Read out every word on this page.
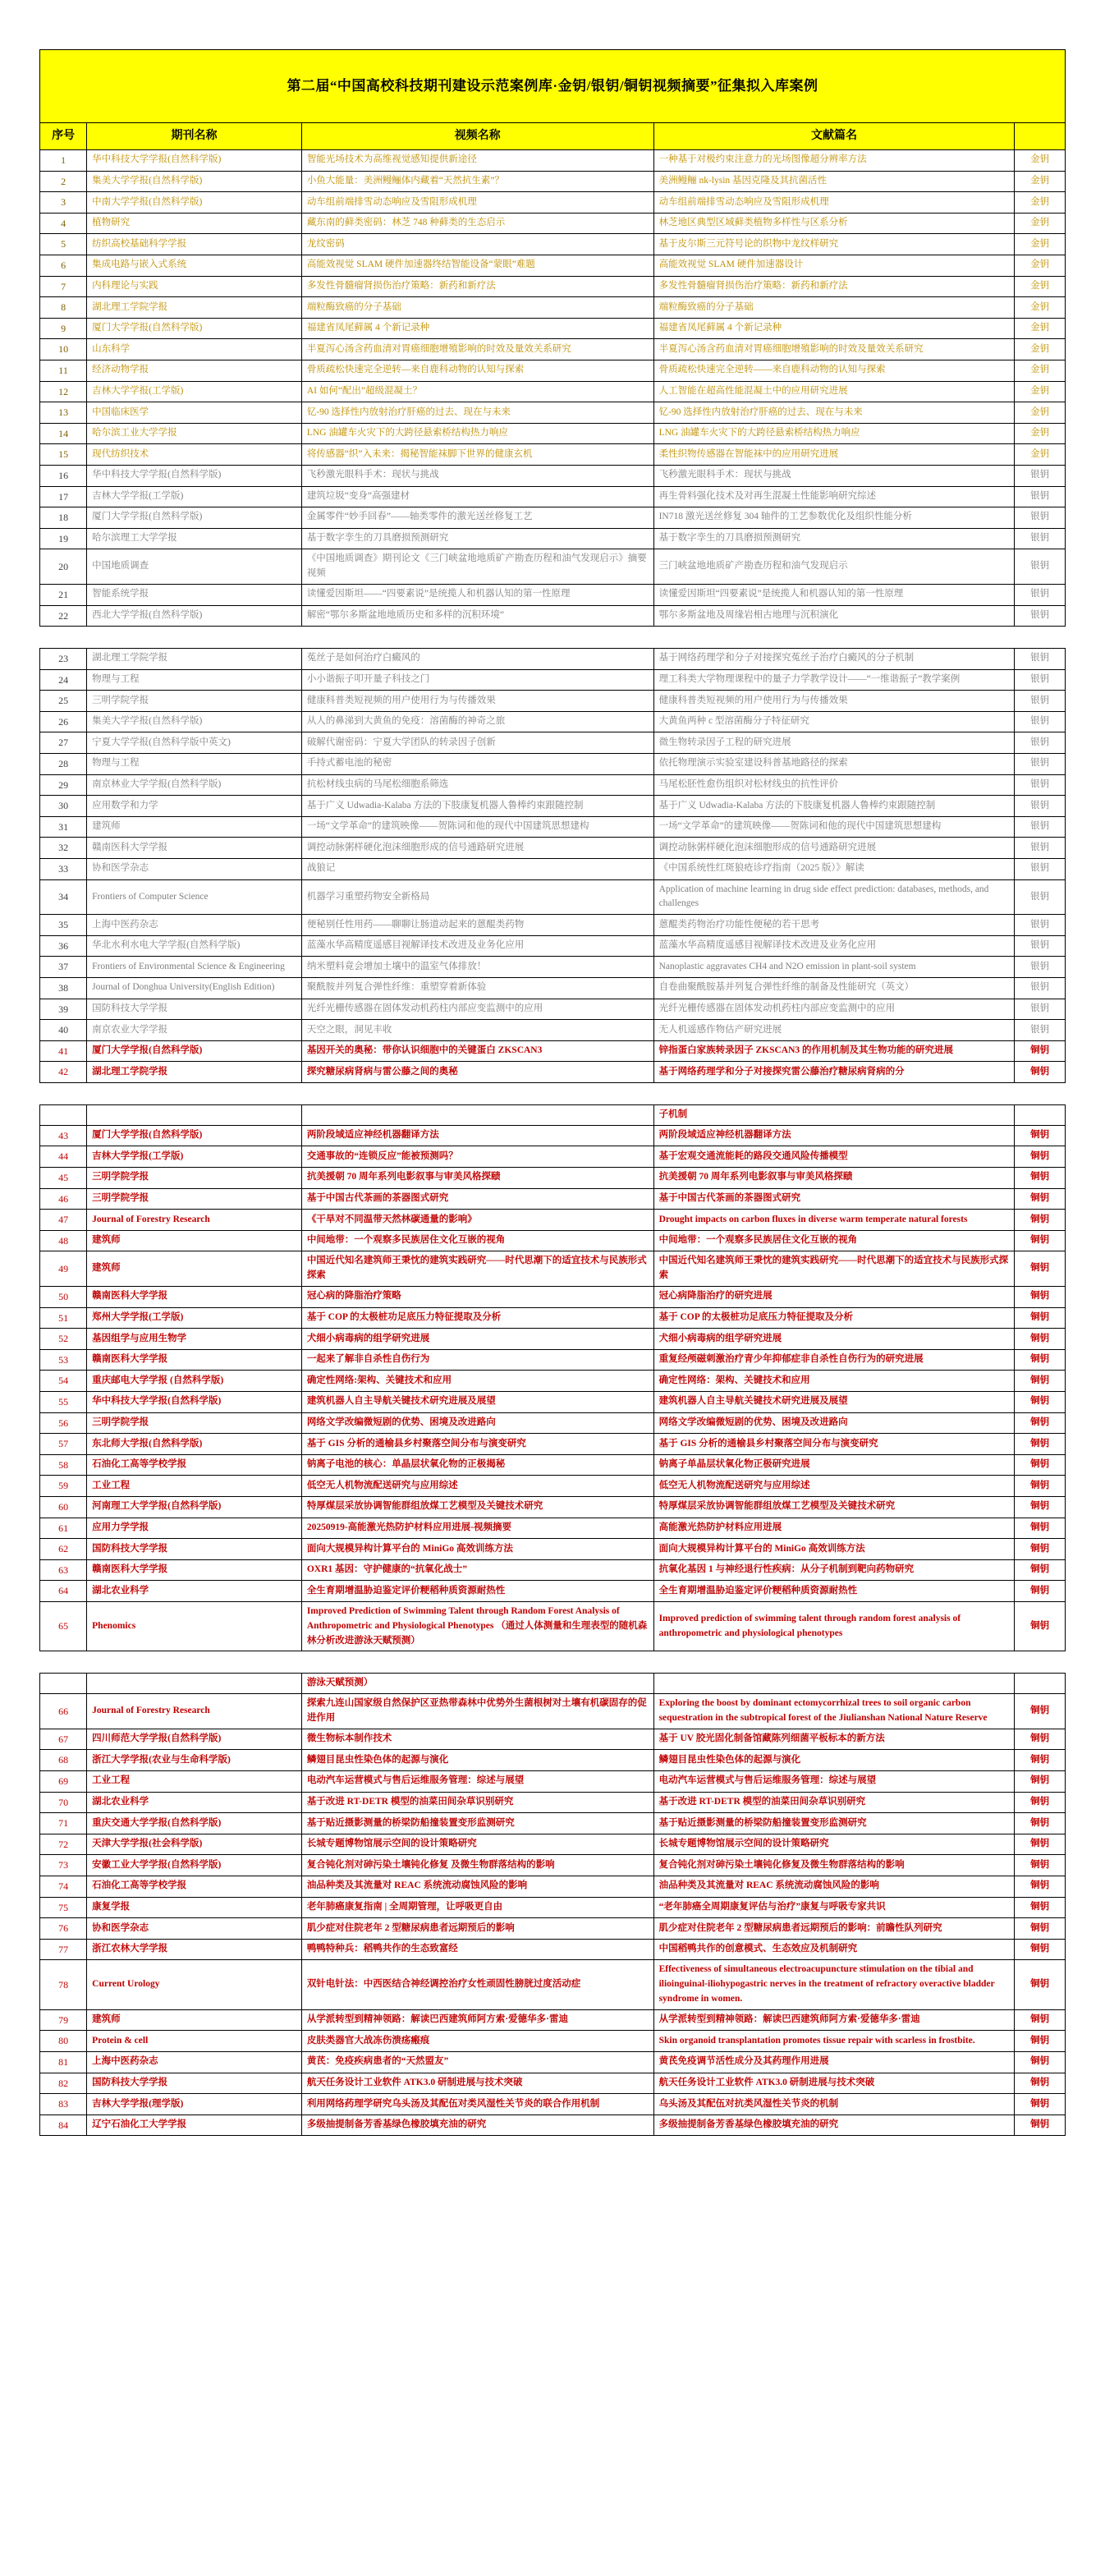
第二届“中国高校科技期刊建设示范案例库·金钥/银钥/铜钥视频摘要”征集拟入库案例				
序号	期刊名称	视频名称	文献篇名	
1	华中科技大学学报(自然科学版)	智能光场技术为高维视觉感知提供新途径	一种基于对极约束注意力的光场图像超分辨率方法	金钥
2	集美大学学报(自然科学版)	小鱼大能量：美洲鳗鲡体内藏着“天然抗生素”？	美洲鳗鲡 nk-lysin 基因克隆及其抗菌活性	金钥
3	中南大学学报(自然科学版)	动车组前端排雪动态响应及雪阻形成机理	动车组前端排雪动态响应及雪阻形成机理	金钥
4	植物研究	藏东南的藓类密码：林芝 748 种藓类的生态启示	林芝地区典型区域藓类植物多样性与区系分析	金钥
5	纺织高校基础科学学报	龙纹密码	基于皮尔斯三元符号论的织物中龙纹样研究	金钥
6	集成电路与嵌入式系统	高能效视觉 SLAM 硬件加速器终结智能设备“蒙眼”难题	高能效视觉 SLAM 硬件加速器设计	金钥
7	内科理论与实践	多发性骨髓瘤肾损伤治疗策略：新药和新疗法	多发性骨髓瘤肾损伤治疗策略：新药和新疗法	金钥
8	湖北理工学院学报	端粒酶致癌的分子基础	端粒酶致癌的分子基础	金钥
9	厦门大学学报(自然科学版)	福建省凤尾藓属 4 个新记录种	福建省凤尾藓属 4 个新记录种	金钥
10	山东科学	半夏泻心汤含药血清对胃癌细胞增殖影响的时效及量效关系研究	半夏泻心汤含药血清对胃癌细胞增殖影响的时效及量效关系研究	金钥
11	经济动物学报	骨质疏松快速完全逆转—来自鹿科动物的认知与探索	骨质疏松快速完全逆转——来自鹿科动物的认知与探索	金钥
12	吉林大学学报(工学版)	AI 如何“配出”超级混凝土？	人工智能在超高性能混凝土中的应用研究进展	金钥
13	中国临床医学	钇-90 选择性内放射治疗肝癌的过去、现在与未来	钇-90 选择性内放射治疗肝癌的过去、现在与未来	金钥
14	哈尔滨工业大学学报	LNG 油罐车火灾下的大跨径悬索桥结构热力响应	LNG 油罐车火灾下的大跨径悬索桥结构热力响应	金钥
15	现代纺织技术	将传感器“织”入未来：揭秘智能袜脚下世界的健康玄机	柔性织物传感器在智能袜中的应用研究进展	金钥
16	华中科技大学学报(自然科学版)	飞秒激光眼科手术：现状与挑战	飞秒激光眼科手术：现状与挑战	银钥
17	吉林大学学报(工学版)	建筑垃圾“变身”高强建材	再生骨料强化技术及对再生混凝土性能影响研究综述	银钥
18	厦门大学学报(自然科学版)	金属零件“妙手回春”——轴类零件的激光送丝修复工艺	IN718 激光送丝修复 304 轴件的工艺参数优化及组织性能分析	银钥
19	哈尔滨理工大学学报	基于数字孪生的刀具磨损预测研究	基于数字孪生的刀具磨损预测研究	银钥
20	中国地质调查	《中国地质调查》期刊论文《三门峡盆地地质矿产勘查历程和油气发现启示》摘要视频	三门峡盆地地质矿产勘查历程和油气发现启示	银钥
21	智能系统学报	读懂爱因斯坦——“四要素说”是统揽人和机器认知的第一性原理	读懂爱因斯坦“四要素说”是统揽人和机器认知的第一性原理	银钥
22	西北大学学报(自然科学版)	解密“鄂尔多斯盆地地质历史和多样的沉积环境”	鄂尔多斯盆地及周缘岩相古地理与沉积演化	银钥

23	湖北理工学院学报	菟丝子是如何治疗白癜风的	基于网络药理学和分子对接探究菟丝子治疗白癜风的分子机制	银钥
24	物理与工程	小小谐振子叩开量子科技之门	理工科类大学物理课程中的量子力学教学设计——“一维谐振子”教学案例	银钥
25	三明学院学报	健康科普类短视频的用户使用行为与传播效果	健康科普类短视频的用户使用行为与传播效果	银钥
26	集美大学学报(自然科学版)	从人的鼻涕到大黄鱼的免疫：溶菌酶的神奇之旅	大黄鱼两种 c 型溶菌酶分子特征研究	银钥
27	宁夏大学学报(自然科学版中英文)	破解代谢密码：宁夏大学团队的转录因子创新	微生物转录因子工程的研究进展	银钥
28	物理与工程	手持式蓄电池的秘密	依托物理演示实验室建设科普基地路径的探索	银钥
29	南京林业大学学报(自然科学版)	抗松材线虫病的马尾松细胞系筛选	马尾松胚性愈伤组织对松材线虫的抗性评价	银钥
30	应用数学和力学	基于广义 Udwadia-Kalaba 方法的下肢康复机器人鲁棒约束跟随控制	基于广义 Udwadia-Kalaba 方法的下肢康复机器人鲁棒约束跟随控制	银钥
31	建筑师	一场“文学革命”的建筑映像——贺陈词和他的现代中国建筑思想建构	一场“文学革命”的建筑映像——贺陈词和他的现代中国建筑思想建构	银钥
32	赣南医科大学学报	调控动脉粥样硬化泡沫细胞形成的信号通路研究进展	调控动脉粥样硬化泡沫细胞形成的信号通路研究进展	银钥
33	协和医学杂志	战狼记	《中国系统性红斑狼疮诊疗指南（2025 版）》解读	银钥
34	Frontiers of Computer Science	机器学习重塑药物安全新格局	Application of machine learning in drug side effect prediction: databases, methods, and challenges	银钥
35	上海中医药杂志	便秘别任性用药——聊聊让肠道动起来的蒽醌类药物	蒽醌类药物治疗功能性便秘的若干思考	银钥
36	华北水利水电大学学报(自然科学版)	蓝藻水华高精度遥感目视解译技术改进及业务化应用	蓝藻水华高精度遥感目视解译技术改进及业务化应用	银钥
37	Frontiers of Environmental Science & Engineering	纳米塑料竟会增加土壤中的温室气体排放！	Nanoplastic aggravates CH4 and N2O emission in plant-soil system	银钥
38	Journal of Donghua University(English Edition)	聚酰胺并列复合弹性纤维：重塑穿着新体验	自卷曲聚酰胺基并列复合弹性纤维的制备及性能研究（英文）	银钥
39	国防科技大学学报	光纤光栅传感器在固体发动机药柱内部应变监测中的应用	光纤光栅传感器在固体发动机药柱内部应变监测中的应用	银钥
40	南京农业大学学报	天空之眼，洞见丰收	无人机遥感作物估产研究进展	银钥
41	厦门大学学报(自然科学版)	基因开关的奥秘：带你认识细胞中的关键蛋白 ZKSCAN3	锌指蛋白家族转录因子 ZKSCAN3 的作用机制及其生物功能的研究进展	铜钥
42	湖北理工学院学报	探究糖尿病肾病与雷公藤之间的奥秘	基于网络药理学和分子对接探究雷公藤治疗糖尿病肾病的分	铜钥

			子机制	
43	厦门大学学报(自然科学版)	两阶段域适应神经机器翻译方法	两阶段域适应神经机器翻译方法	铜钥
44	吉林大学学报(工学版)	交通事故的“连锁反应”能被预测吗？	基于宏观交通流能耗的路段交通风险传播模型	铜钥
45	三明学院学报	抗美援朝 70 周年系列电影叙事与审美风格探赜	抗美援朝 70 周年系列电影叙事与审美风格探赜	铜钥
46	三明学院学报	基于中国古代茶画的茶器图式研究	基于中国古代茶画的茶器图式研究	铜钥
47	Journal of Forestry Research	《干旱对不同温带天然林碳通量的影响》	Drought impacts on carbon fluxes in diverse warm temperate natural forests	铜钥
48	建筑师	中间地带：一个观察多民族居住文化互嵌的视角	中间地带：一个观察多民族居住文化互嵌的视角	铜钥
49	建筑师	中国近代知名建筑师王秉忱的建筑实践研究——时代思潮下的适宜技术与民族形式探索	中国近代知名建筑师王秉忱的建筑实践研究——时代思潮下的适宜技术与民族形式探索	铜钥
50	赣南医科大学学报	冠心病的降脂治疗策略	冠心病降脂治疗的研究进展	铜钥
51	郑州大学学报(工学版)	基于 COP 的太极桩功足底压力特征提取及分析	基于 COP 的太极桩功足底压力特征提取及分析	铜钥
52	基因组学与应用生物学	犬细小病毒病的组学研究进展	犬细小病毒病的组学研究进展	铜钥
53	赣南医科大学学报	一起来了解非自杀性自伤行为	重复经颅磁刺激治疗青少年抑郁症非自杀性自伤行为的研究进展	铜钥
54	重庆邮电大学学报 (自然科学版)	确定性网络:架构、关键技术和应用	确定性网络：架构、关键技术和应用	铜钥
55	华中科技大学学报(自然科学版)	建筑机器人自主导航关键技术研究进展及展望	建筑机器人自主导航关键技术研究进展及展望	铜钥
56	三明学院学报	网络文学改编微短剧的优势、困境及改进路向	网络文学改编微短剧的优势、困境及改进路向	铜钥
57	东北师大学报(自然科学版)	基于 GIS 分析的通榆县乡村聚落空间分布与演变研究	基于 GIS 分析的通榆县乡村聚落空间分布与演变研究	铜钥
58	石油化工高等学校学报	钠离子电池的核心：单晶层状氧化物的正极揭秘	钠离子单晶层状氧化物正极研究进展	铜钥
59	工业工程	低空无人机物流配送研究与应用综述	低空无人机物流配送研究与应用综述	铜钥
60	河南理工大学学报(自然科学版)	特厚煤层采放协调智能群组放煤工艺模型及关键技术研究	特厚煤层采放协调智能群组放煤工艺模型及关键技术研究	铜钥
61	应用力学学报	20250919-高能激光热防护材料应用进展-视频摘要	高能激光热防护材料应用进展	铜钥
62	国防科技大学学报	面向大规模异构计算平台的 MiniGo 高效训练方法	面向大规模异构计算平台的 MiniGo 高效训练方法	铜钥
63	赣南医科大学学报	OXR1 基因：守护健康的“抗氧化战士”	抗氧化基因 1 与神经退行性疾病：从分子机制到靶向药物研究	铜钥
64	湖北农业科学	全生育期增温胁迫鉴定评价粳稻种质资源耐热性	全生育期增温胁迫鉴定评价粳稻种质资源耐热性	铜钥
65	Phenomics	Improved Prediction of Swimming Talent through Random Forest Analysis of Anthropometric and Physiological Phenotypes （通过人体测量和生理表型的随机森林分析改进游泳天赋预测）	Improved prediction of swimming talent through random forest analysis of anthropometric and physiological phenotypes	铜钥

		游泳天赋预测）		
66	Journal of Forestry Research	探索九连山国家级自然保护区亚热带森林中优势外生菌根树对土壤有机碳固存的促进作用	Exploring the boost by dominant ectomycorrhizal trees to soil organic carbon sequestration in the subtropical forest of the Jiulianshan National Nature Reserve	铜钥
67	四川师范大学学报(自然科学版)	微生物标本制作技术	基于 UV 胶光固化制备馆藏陈列细菌平板标本的新方法	铜钥
68	浙江大学学报(农业与生命科学版)	鳞翅目昆虫性染色体的起源与演化	鳞翅目昆虫性染色体的起源与演化	铜钥
69	工业工程	电动汽车运营模式与售后运维服务管理：综述与展望	电动汽车运营模式与售后运维服务管理：综述与展望	铜钥
70	湖北农业科学	基于改进 RT-DETR 模型的油菜田间杂草识别研究	基于改进 RT-DETR 模型的油菜田间杂草识别研究	铜钥
71	重庆交通大学学报(自然科学版)	基于贴近摄影测量的桥梁防船撞装置变形监测研究	基于贴近摄影测量的桥梁防船撞装置变形监测研究	铜钥
72	天津大学学报(社会科学版)	长城专题博物馆展示空间的设计策略研究	长城专题博物馆展示空间的设计策略研究	铜钥
73	安徽工业大学学报(自然科学版)	复合钝化剂对砷污染土壤钝化修复 及微生物群落结构的影响	复合钝化剂对砷污染土壤钝化修复及微生物群落结构的影响	铜钥
74	石油化工高等学校学报	油品种类及其流量对 REAC 系统流动腐蚀风险的影响	油品种类及其流量对 REAC 系统流动腐蚀风险的影响	铜钥
75	康复学报	老年肺癌康复指南 | 全周期管理，让呼吸更自由	“老年肺癌全周期康复评估与治疗”康复与呼吸专家共识	铜钥
76	协和医学杂志	肌少症对住院老年 2 型糖尿病患者远期预后的影响	肌少症对住院老年 2 型糖尿病患者远期预后的影响：前瞻性队列研究	铜钥
77	浙江农林大学学报	鸭鸭特种兵：稻鸭共作的生态致富经	中国稻鸭共作的创意模式、生态效应及机制研究	铜钥
78	Current Urology	双针电针法：中西医结合神经调控治疗女性顽固性膀胱过度活动症	Effectiveness of simultaneous electroacupuncture stimulation on the tibial and ilioinguinal-iliohypogastric nerves in the treatment of refractory overactive bladder syndrome in women.	铜钥
79	建筑师	从学派转型到精神领路：解读巴西建筑师阿方索·爱德华多·雷迪	从学派转型到精神领路：解读巴西建筑师阿方索·爱德华多·雷迪	铜钥
80	Protein & cell	皮肤类器官大战冻伤溃疡瘢痕	Skin organoid transplantation promotes tissue repair with scarless in frostbite.	铜钥
81	上海中医药杂志	黄芪：免疫疾病患者的“天然盟友”	黄芪免疫调节活性成分及其药理作用进展	铜钥
82	国防科技大学学报	航天任务设计工业软件 ATK3.0 研制进展与技术突破	航天任务设计工业软件 ATK3.0 研制进展与技术突破	铜钥
83	吉林大学学报(理学版)	利用网络药理学研究乌头汤及其配伍对类风湿性关节炎的联合作用机制	乌头汤及其配伍对抗类风湿性关节炎的机制	铜钥
84	辽宁石油化工大学学报	多级抽提制备芳香基绿色橡胶填充油的研究	多级抽提制备芳香基绿色橡胶填充油的研究	铜钥
